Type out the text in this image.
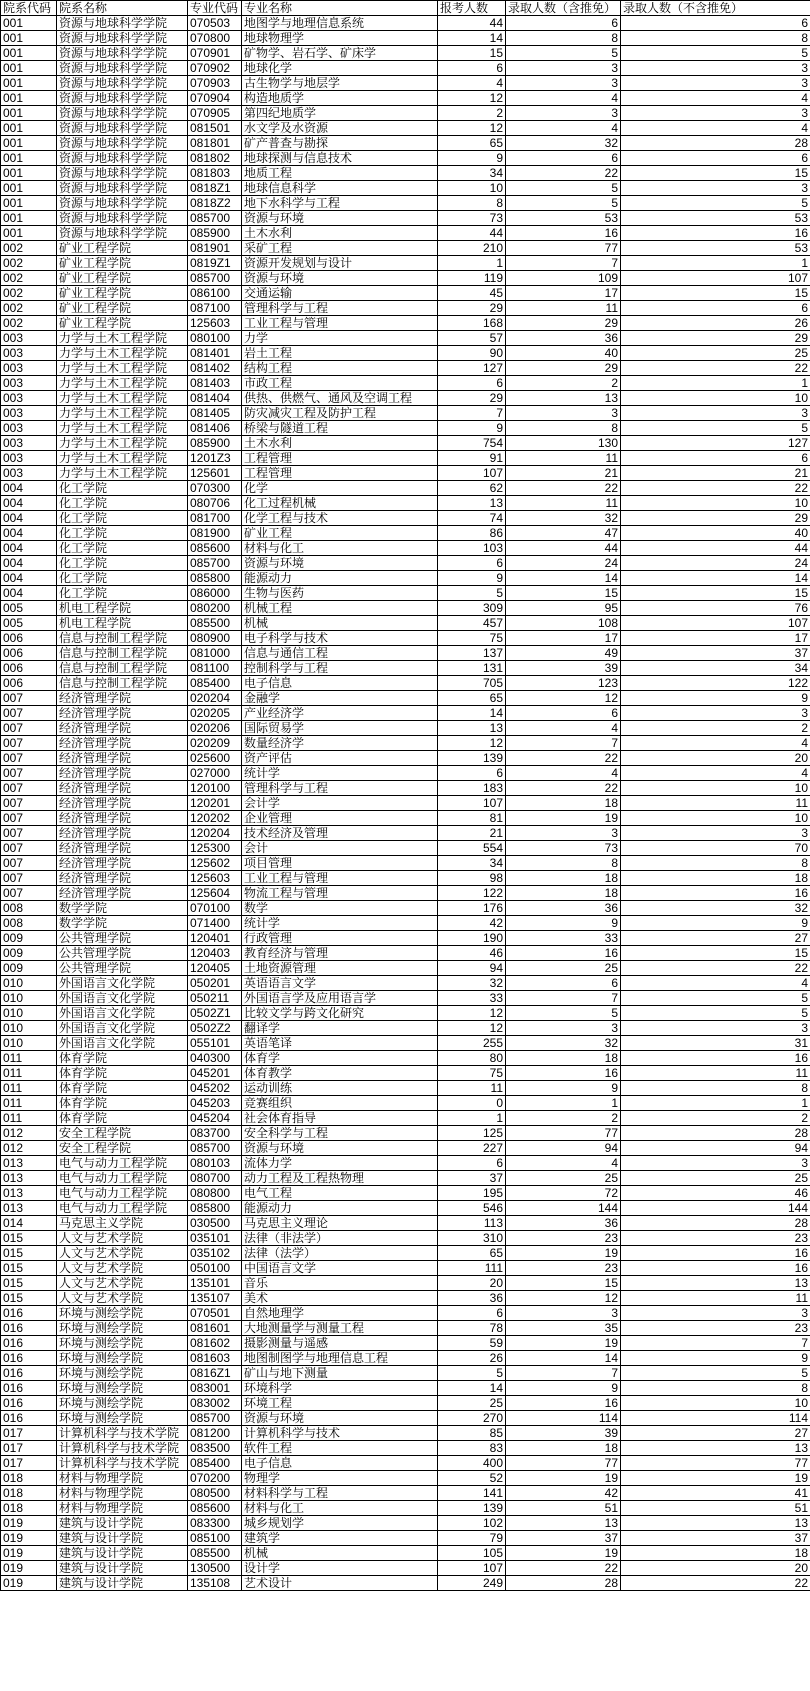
院系代码	院系名称	专业代码	专业名称	报考人数	录取人数（含推免）	录取人数（不含推免）
001	资源与地球科学学院	070503	地图学与地理信息系统	44	6	6
001	资源与地球科学学院	070800	地球物理学	14	8	8
001	资源与地球科学学院	070901	矿物学、岩石学、矿床学	15	5	5
001	资源与地球科学学院	070902	地球化学	6	3	3
001	资源与地球科学学院	070903	古生物学与地层学	4	3	3
001	资源与地球科学学院	070904	构造地质学	12	4	4
001	资源与地球科学学院	070905	第四纪地质学	2	3	3
001	资源与地球科学学院	081501	水文学及水资源	12	4	4
001	资源与地球科学学院	081801	矿产普查与勘探	65	32	28
001	资源与地球科学学院	081802	地球探测与信息技术	9	6	6
001	资源与地球科学学院	081803	地质工程	34	22	15
001	资源与地球科学学院	0818Z1	地球信息科学	10	5	3
001	资源与地球科学学院	0818Z2	地下水科学与工程	8	5	5
001	资源与地球科学学院	085700	资源与环境	73	53	53
001	资源与地球科学学院	085900	土木水利	44	16	16
002	矿业工程学院	081901	采矿工程	210	77	53
002	矿业工程学院	0819Z1	资源开发规划与设计	1	7	1
002	矿业工程学院	085700	资源与环境	119	109	107
002	矿业工程学院	086100	交通运输	45	17	15
002	矿业工程学院	087100	管理科学与工程	29	11	6
002	矿业工程学院	125603	工业工程与管理	168	29	26
003	力学与土木工程学院	080100	力学	57	36	29
003	力学与土木工程学院	081401	岩土工程	90	40	25
003	力学与土木工程学院	081402	结构工程	127	29	22
003	力学与土木工程学院	081403	市政工程	6	2	1
003	力学与土木工程学院	081404	供热、供燃气、通风及空调工程	29	13	10
003	力学与土木工程学院	081405	防灾减灾工程及防护工程	7	3	3
003	力学与土木工程学院	081406	桥梁与隧道工程	9	8	5
003	力学与土木工程学院	085900	土木水利	754	130	127
003	力学与土木工程学院	1201Z3	工程管理	91	11	6
003	力学与土木工程学院	125601	工程管理	107	21	21
004	化工学院	070300	化学	62	22	22
004	化工学院	080706	化工过程机械	13	11	10
004	化工学院	081700	化学工程与技术	74	32	29
004	化工学院	081900	矿业工程	86	47	40
004	化工学院	085600	材料与化工	103	44	44
004	化工学院	085700	资源与环境	6	24	24
004	化工学院	085800	能源动力	9	14	14
004	化工学院	086000	生物与医药	5	15	15
005	机电工程学院	080200	机械工程	309	95	76
005	机电工程学院	085500	机械	457	108	107
006	信息与控制工程学院	080900	电子科学与技术	75	17	17
006	信息与控制工程学院	081000	信息与通信工程	137	49	37
006	信息与控制工程学院	081100	控制科学与工程	131	39	34
006	信息与控制工程学院	085400	电子信息	705	123	122
007	经济管理学院	020204	金融学	65	12	9
007	经济管理学院	020205	产业经济学	14	6	3
007	经济管理学院	020206	国际贸易学	13	4	2
007	经济管理学院	020209	数量经济学	12	7	4
007	经济管理学院	025600	资产评估	139	22	20
007	经济管理学院	027000	统计学	6	4	4
007	经济管理学院	120100	管理科学与工程	183	22	10
007	经济管理学院	120201	会计学	107	18	11
007	经济管理学院	120202	企业管理	81	19	10
007	经济管理学院	120204	技术经济及管理	21	3	3
007	经济管理学院	125300	会计	554	73	70
007	经济管理学院	125602	项目管理	34	8	8
007	经济管理学院	125603	工业工程与管理	98	18	18
007	经济管理学院	125604	物流工程与管理	122	18	16
008	数学学院	070100	数学	176	36	32
008	数学学院	071400	统计学	42	9	9
009	公共管理学院	120401	行政管理	190	33	27
009	公共管理学院	120403	教育经济与管理	46	16	15
009	公共管理学院	120405	土地资源管理	94	25	22
010	外国语言文化学院	050201	英语语言文学	32	6	4
010	外国语言文化学院	050211	外国语言学及应用语言学	33	7	5
010	外国语言文化学院	0502Z1	比较文学与跨文化研究	12	5	5
010	外国语言文化学院	0502Z2	翻译学	12	3	3
010	外国语言文化学院	055101	英语笔译	255	32	31
011	体育学院	040300	体育学	80	18	16
011	体育学院	045201	体育教学	75	16	11
011	体育学院	045202	运动训练	11	9	8
011	体育学院	045203	竞赛组织	0	1	1
011	体育学院	045204	社会体育指导	1	2	2
012	安全工程学院	083700	安全科学与工程	125	77	28
012	安全工程学院	085700	资源与环境	227	94	94
013	电气与动力工程学院	080103	流体力学	6	4	3
013	电气与动力工程学院	080700	动力工程及工程热物理	37	25	25
013	电气与动力工程学院	080800	电气工程	195	72	46
013	电气与动力工程学院	085800	能源动力	546	144	144
014	马克思主义学院	030500	马克思主义理论	113	36	28
015	人文与艺术学院	035101	法律（非法学）	310	23	23
015	人文与艺术学院	035102	法律（法学）	65	19	16
015	人文与艺术学院	050100	中国语言文学	111	23	16
015	人文与艺术学院	135101	音乐	20	15	13
015	人文与艺术学院	135107	美术	36	12	11
016	环境与测绘学院	070501	自然地理学	6	3	3
016	环境与测绘学院	081601	大地测量学与测量工程	78	35	23
016	环境与测绘学院	081602	摄影测量与遥感	59	19	7
016	环境与测绘学院	081603	地图制图学与地理信息工程	26	14	9
016	环境与测绘学院	0816Z1	矿山与地下测量	5	7	5
016	环境与测绘学院	083001	环境科学	14	9	8
016	环境与测绘学院	083002	环境工程	25	16	10
016	环境与测绘学院	085700	资源与环境	270	114	114
017	计算机科学与技术学院	081200	计算机科学与技术	85	39	27
017	计算机科学与技术学院	083500	软件工程	83	18	13
017	计算机科学与技术学院	085400	电子信息	400	77	77
018	材料与物理学院	070200	物理学	52	19	19
018	材料与物理学院	080500	材料科学与工程	141	42	41
018	材料与物理学院	085600	材料与化工	139	51	51
019	建筑与设计学院	083300	城乡规划学	102	13	13
019	建筑与设计学院	085100	建筑学	79	37	37
019	建筑与设计学院	085500	机械	105	19	18
019	建筑与设计学院	130500	设计学	107	22	20
019	建筑与设计学院	135108	艺术设计	249	28	22
